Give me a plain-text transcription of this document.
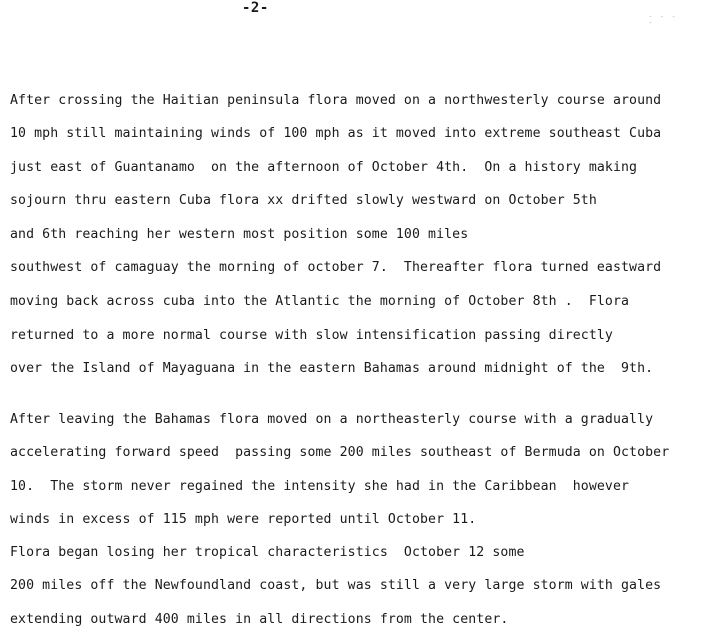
-2-
· - - -
After crossing the Haitian peninsula flora moved on a northwesterly course around
10 mph still maintaining winds of 100 mph as it moved into extreme southeast Cuba
just east of Guantanamo  on the afternoon of October 4th.  On a history making
sojourn thru eastern Cuba flora xx drifted slowly westward on October 5th
and 6th reaching her western most position some 100 miles
southwest of camaguay the morning of october 7.  Thereafter flora turned eastward
moving back across cuba into the Atlantic the morning of October 8th .  Flora
returned to a more normal course with slow intensification passing directly
over the Island of Mayaguana in the eastern Bahamas around midnight of the  9th.
After leaving the Bahamas flora moved on a northeasterly course with a gradually
accelerating forward speed  passing some 200 miles southeast of Bermuda on October
10.  The storm never regained the intensity she had in the Caribbean  however
winds in excess of 115 mph were reported until October 11.
Flora began losing her tropical characteristics  October 12 some
200 miles off the Newfoundland coast, but was still a very large storm with gales
extending outward 400 miles in all directions from the center.
